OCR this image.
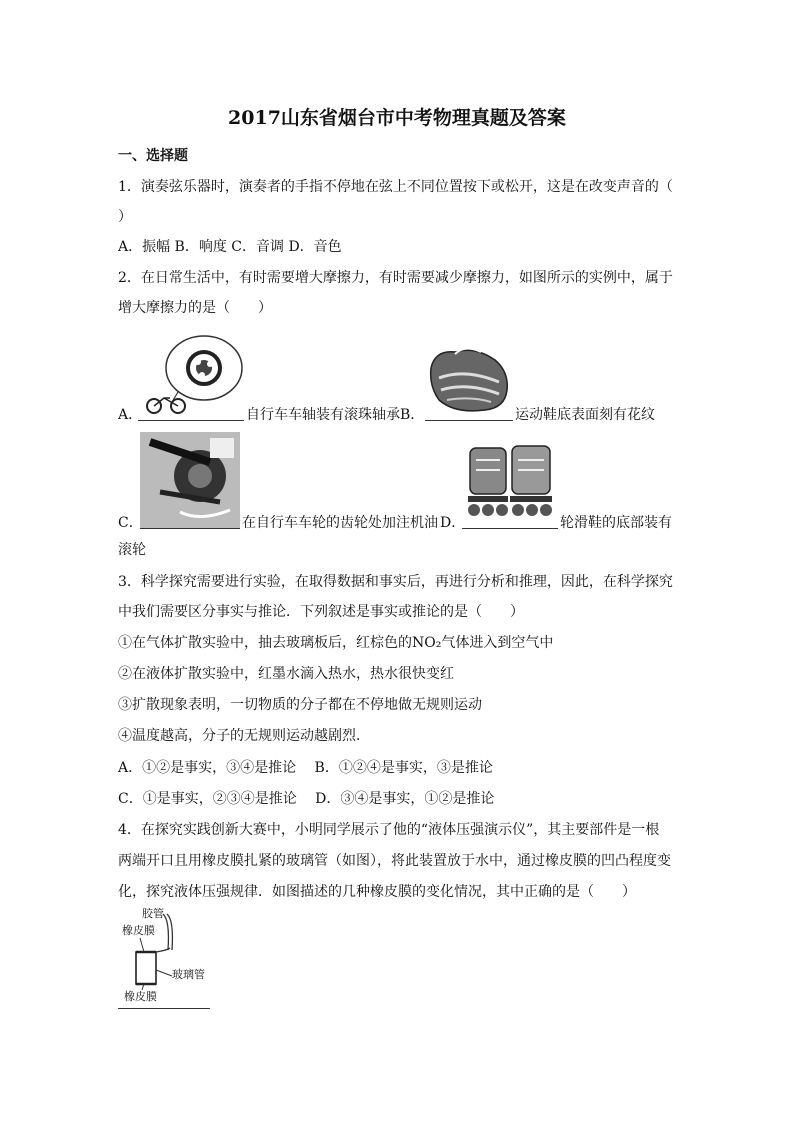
2017山东省烟台市中考物理真题及答案
一、选择题
1．演奏弦乐器时，演奏者的手指不停地在弦上不同位置按下或松开，这是在改变声音的（
）
A．振幅 B．响度 C．音调 D．音色
2．在日常生活中，有时需要增大摩擦力，有时需要减少摩擦力，如图所示的实例中，属于
增大摩擦力的是（　　）
A．	自行车车轴装有滚珠轴承 B．	运动鞋底表面刻有花纹
C．	在自行车车轮的齿轮处加注机油 D．	轮滑鞋的底部装有
滚轮
3．科学探究需要进行实验，在取得数据和事实后，再进行分析和推理，因此，在科学探究
中我们需要区分事实与推论．下列叙述是事实或推论的是（　　）
①在气体扩散实验中，抽去玻璃板后，红棕色的NO₂气体进入到空气中
②在液体扩散实验中，红墨水滴入热水，热水很快变红
③扩散现象表明，一切物质的分子都在不停地做无规则运动
④温度越高，分子的无规则运动越剧烈．
A．①②是事实，③④是推论　 B．①②④是事实，③是推论
C．①是事实，②③④是推论　 D．③④是事实，①②是推论
4．在探究实践创新大赛中，小明同学展示了他的“液体压强演示仪”，其主要部件是一根
两端开口且用橡皮膜扎紧的玻璃管（如图），将此装置放于水中，通过橡皮膜的凹凸程度变
化，探究液体压强规律．如图描述的几种橡皮膜的变化情况，其中正确的是（　　）
胶管
橡皮膜
玻璃管
橡皮膜
